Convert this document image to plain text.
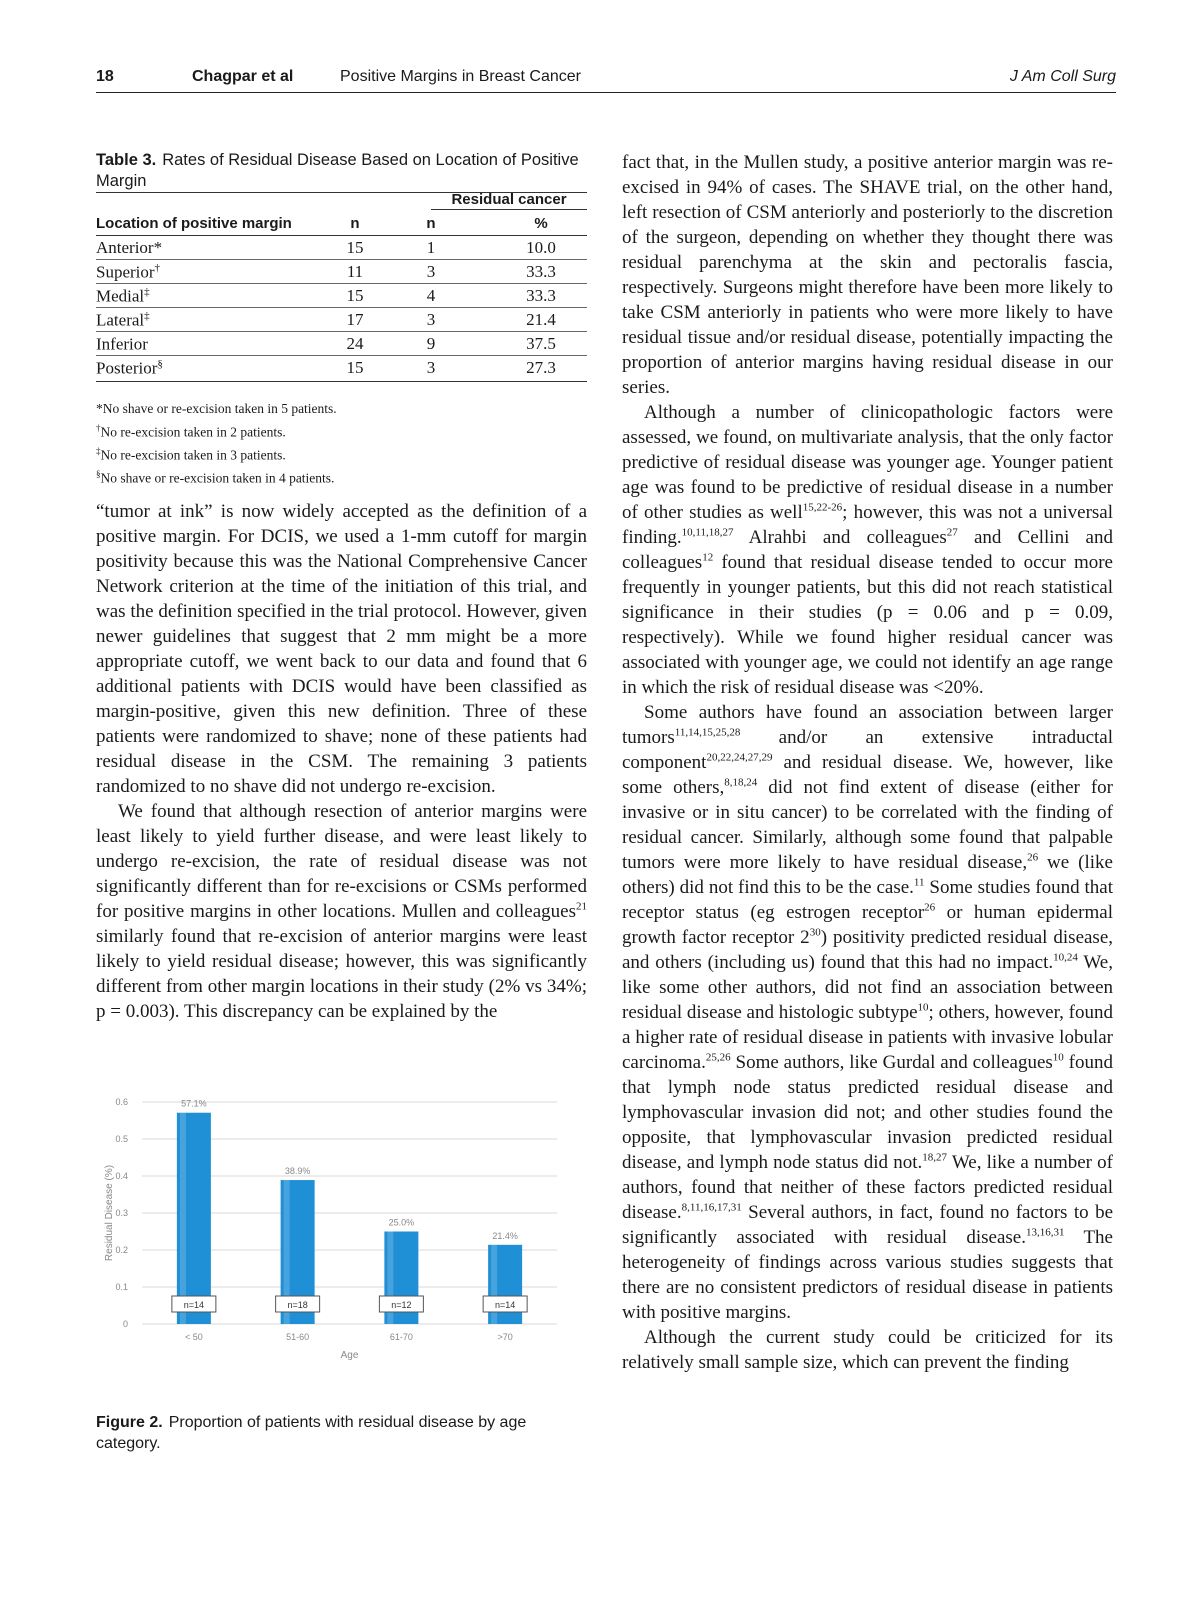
18	Chagpar et al	Positive Margins in Breast Cancer	J Am Coll Surg
Table 3. Rates of Residual Disease Based on Location of Positive Margin
Residual cancer
Location of positive margin	n	n	%
Anterior*	15	1	10.0
Superior†	11	3	33.3
Medial‡	15	4	33.3
Lateral‡	17	3	21.4
Inferior	24	9	37.5
Posterior§	15	3	27.3
*No shave or re-excision taken in 5 patients.
†No re-excision taken in 2 patients.
‡No re-excision taken in 3 patients.
§No shave or re-excision taken in 4 patients.

“tumor at ink” is now widely accepted as the definition of a positive margin. For DCIS, we used a 1-mm cutoff for margin positivity because this was the National Comprehensive Cancer Network criterion at the time of the initiation of this trial, and was the definition specified in the trial protocol. However, given newer guidelines that suggest that 2 mm might be a more appropriate cutoff, we went back to our data and found that 6 additional patients with DCIS would have been classified as margin-positive, given this new definition. Three of these patients were randomized to shave; none of these patients had residual disease in the CSM. The remaining 3 patients randomized to no shave did not undergo re-excision.

We found that although resection of anterior margins were least likely to yield further disease, and were least likely to undergo re-excision, the rate of residual disease was not significantly different than for re-excisions or CSMs performed for positive margins in other locations. Mullen and colleagues$^{21}$ similarly found that re-excision of anterior margins were least likely to yield residual disease; however, this was significantly different from other margin locations in their study (2% vs 34%; p = 0.003). This discrepancy can be explained by the

0
0.1
0.2
0.3
0.4
0.5
0.6
Residual Disease (%)
57.1%
n=14
< 50
38.9%
n=18
51-60
25.0%
n=12
61-70
21.4%
n=14
>70
Age
Figure 2. Proportion of patients with residual disease by age category.

fact that, in the Mullen study, a positive anterior margin was re-excised in 94% of cases. The SHAVE trial, on the other hand, left resection of CSM anteriorly and posteriorly to the discretion of the surgeon, depending on whether they thought there was residual parenchyma at the skin and pectoralis fascia, respectively. Surgeons might therefore have been more likely to take CSM anteriorly in patients who were more likely to have residual tissue and/or residual disease, potentially impacting the proportion of anterior margins having residual disease in our series.

Although a number of clinicopathologic factors were assessed, we found, on multivariate analysis, that the only factor predictive of residual disease was younger age. Younger patient age was found to be predictive of residual disease in a number of other studies as well$^{15,22-26}$; however, this was not a universal finding.$^{10,11,18,27}$ Alrahbi and colleagues$^{27}$ and Cellini and colleagues$^{12}$ found that residual disease tended to occur more frequently in younger patients, but this did not reach statistical significance in their studies (p = 0.06 and p = 0.09, respectively). While we found higher residual cancer was associated with younger age, we could not identify an age range in which the risk of residual disease was <20%.

Some authors have found an association between larger tumors$^{11,14,15,25,28}$ and/or an extensive intraductal component$^{20,22,24,27,29}$ and residual disease. We, however, like some others,$^{8,18,24}$ did not find extent of disease (either for invasive or in situ cancer) to be correlated with the finding of residual cancer. Similarly, although some found that palpable tumors were more likely to have residual disease,$^{26}$ we (like others) did not find this to be the case.$^{11}$ Some studies found that receptor status (eg estrogen receptor$^{26}$ or human epidermal growth factor receptor $2^{30}$) positivity predicted residual disease, and others (including us) found that this had no impact.$^{10,24}$ We, like some other authors, did not find an association between residual disease and histologic subtype$^{10}$; others, however, found a higher rate of residual disease in patients with invasive lobular carcinoma.$^{25,26}$ Some authors, like Gurdal and colleagues$^{10}$ found that lymph node status predicted residual disease and lymphovascular invasion did not; and other studies found the opposite, that lymphovascular invasion predicted residual disease, and lymph node status did not.$^{18,27}$ We, like a number of authors, found that neither of these factors predicted residual disease.$^{8,11,16,17,31}$ Several authors, in fact, found no factors to be significantly associated with residual disease.$^{13,16,31}$ The heterogeneity of findings across various studies suggests that there are no consistent predictors of residual disease in patients with positive margins.

Although the current study could be criticized for its relatively small sample size, which can prevent the finding
